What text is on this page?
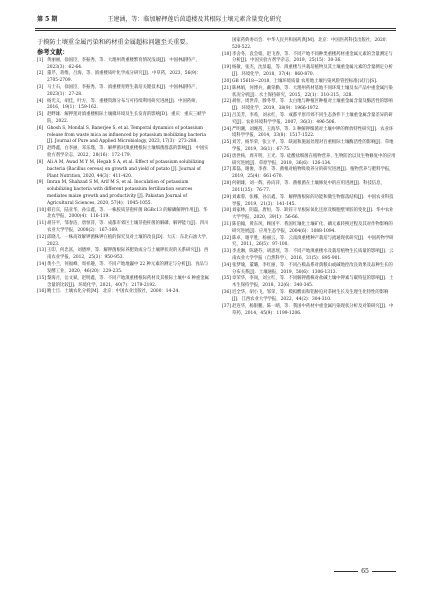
第 5 期	王建涵，等：临加解押莲后茵道楼及其根际土壤元素含量变化研究

于摸防土壤重金属污染和药材重金属超标问题至关重要。

参考文献：
[1] 黄丽丽，徐国臣，李振秀，等．大理州黄重楼繁育情况浅谈[J]．中国林副特产，2023(3)：62-64.
[2] 董芹，蒋维，吕海，等．滇重楼质叶化学成分研究[J]．中草药，2023，56(9)：2705-2709.
[3] 马士石，徐国臣，李振秀，等．滇重楼育野生栽培关键技术[J]．中国林副特产，2023(1)：27-28.
[4] 杨光义，胡佳，叶方，等．重楼资源分布与可持续利用研究进展[J]．中国药师，2016，19(1)：159-162.
[5] 赵畔雄．解押莲对滇重楼根际土壤微环境及生长发育的影响[D]．重庆：重庆三峡学院，2022.
[6] Ghosh S, Mondal S, Banerjee S, et al. Temporal dynamics of potassium release from waste mica as influenced by potassium mobilizing bacteria [J]. Journal of Pure and Applied Microbiology, 2023, 17(3)：273-288.
[7] 赵晔鑫，白李丽，邓乐瑾，等．解押菌对滇重楼根际土壤细菌群落的影响[J]．中国实验方剂学杂志，2022，28(16)：172-179.
[8] Ali A M, Awad M Y M, Hegab S A, et al. Effect of potassium solubilizing bacteria (Bacillus cereus) on growth and yield of potato [J]. Journal of Plant Nutrition, 2020, 44(3)：411-420.
[9] Imran M, Shahzad S M, Arif M S, et al. Inoculation of potassium solubilizing bacteria with different potassium fertilization sources mediates maize growth and productivity [J]. Pakistan Journal of Agricultural Sciences, 2020, 57(4)：1045-1055.
[10]韩启宾，陆亚华，孙宗鑫，等．一株胶质芽孢杆菌 RGBc13 的解磷解钾作用[J]．华北农学报，2000(4)：116-119.
[11]胡芬平，邹春洁，唐恒萍，等．成都市郊区土壤芽孢杆菌的解磷、解钾能力[J]．四川农业大学学报，2008(2)：167-169.
[12]邱晓儿．一株高效解钾菌株钾在植的探究及对土壤的改良[D]．大庆：东北石油大学，2023.
[13]王印，何忠富，刘德坤，等．解钾菌根际养肥效成分与土壤钾状况的关系研究[J]．西南农业学报，2012，25(3)：950-953.
[14]黄小兰，何福峰，周祥趣，等．不同产地地巍中 22 种元素的测定与分析[J]．食品与发酵工业，2020，46(20)：229-235.
[15]黎海月，岳文斌，赵明鑫，等．不同产地滇重楼根际药材及其根际土壤中 6 种重金属含量的比较[J]．环境化学，2021，40(7)：2179-2192.
[16]鲍士旦．土壤农化分析[M]．北京：中国农业出版社，2000：14-24.
国家药典委员会．中华人民共和国药典[M]．北京：中国医药科技出版社，2020：520-522.
[18]李舍冬，袁会娟，赵飞春，等．不同产地不同种类重楼药材重金属元素的含量测定与分析[J]．中国实验方剂学杂志，2019，25(15)：30-36.
[19]杨敏，张杰，沈显聪，等．滇重楼与共栽培植物及其土壤重金属元素的含量测定分析[J]．环境化学，2018，37(4)：860-870.
[20]GB 15618—2018，土壤环境质量 农用地土壤污染风险管控标准(试行)[S].
[21]陈林娟，何博兵，戴荣勤，等．大理州药材基地不同环境土壤及农产品中重金属污染状况分析[J]．水土保持研究，2015，22(1)：310-315，328.
[22]胡恒，周世萍，滕冬琴，等．太白地与种植区种植对土壤重金属含量及酶活性的影响[J]．环境化学，2019，38(9)：1966-1972.
[23]吕美芳，李希，刘永红，等．成都平原市郊不同生态条件下土壤重金属含量差异的研究[J]．农业环境科学学报，2007，36(3)：496-506.
[24]严明潮，刘琬茜，王海华，等．3 种解钾细菌对土壤中钾的释放特性研究[J]．农业环境科学学报，2014，33(8)：1517-1522.
[25]刘芳，杨华荣，张立平，等．缺氮和施氮处理对百重根际土壤酶活性的影响[J]．草地学报，2019，36(1)：67-75.
[26]唐世杨，周开明，王光．等. 硅酸盐细菌在植物营养、生物防治以及生物修复中的应用研究进展[J]．草原学报，2019，36(6)：126-134.
[27]郑磊，谢俊，李春．等．菌根对植物吸收养分的研究进展[J]．植物营养与肥料学报，2019，25(4)：661-670.
[28]何朝雄，刘一辉，孙向萍，等．菌根菌在土壤修复中的应用进展[J]．科技信息，2011(35)：76-77.
[29]刘素蓉，张娜，孙宗鑫，等．解押菌根际的功能和微生物群落结构[J]．中国农业科技导报，2019，21(3)：141-145.
[30]刘家林，阴磊，唐恒，等．缺锌干旱根际氧化还原及细胞壁果胶的变化[J]．华中农业大学学报，2020，39(1)：56-66.
[31]陈伯翰，黄东风，顾国平．我国红壤化土壤矿化、磷元素转换过程及其对作物影响的研究进展[J]．应用生态学报，2004(6)：1088-1094.
[32]陈卓，谢平胜，杨丽云，等．云南滇重楼种产栽培与流通现状研究[J]．中国药物学研究，2011，26(5)：97-100.
[33]李龙琳，陈晓芬，胡思瑶，等．不同产地滇重楼水及栽培植物生长质量的影响[J]．云南农业大学学报（自然科学），2016，31(5)：895-901.
[34]张梦瑜，董璐，李红丽，等．不同凸模品系对荫粮山或碱地控改良效果及品种生长的分布关系[J]．土壤通报，2019，50(6)：1306-1313.
[35]章荣华，李岗，刘立红，等．不同解钾菌株对盐碱土壤中钾素与碳特征的影响[J]．土木生保持学报，2018，32(6)：340-345.
[36]迟全华，胡小飞，邹荣，等．模拟酸雨和铝胁迫对茶树生长及生理生化特性的影响[J]．江西农业大学学报，2022，44(2)：304-310.
[37]赵连华，杨银鹏，陈一晴，等．我国中药材中重金属污染现状分析及对策研究[J]．中草药，2014，45(9)：1199-1206.
65
